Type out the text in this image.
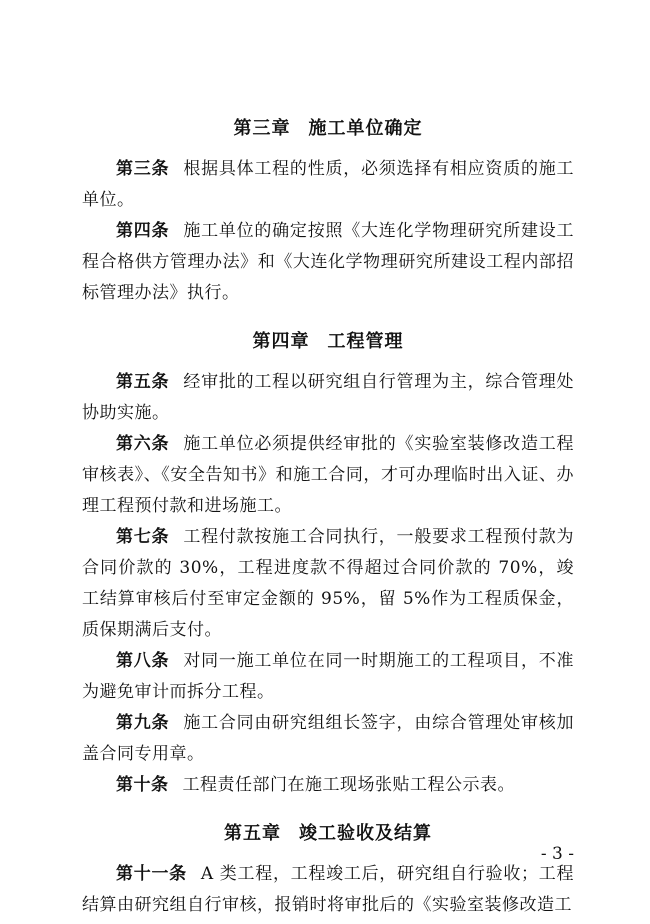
第三章 施工单位确定

第三条 根据具体工程的性质，必须选择有相应资质的施工单位。

第四条 施工单位的确定按照《大连化学物理研究所建设工程合格供方管理办法》和《大连化学物理研究所建设工程内部招标管理办法》执行。

第四章 工程管理

第五条 经审批的工程以研究组自行管理为主，综合管理处协助实施。

第六条 施工单位必须提供经审批的《实验室装修改造工程审核表》、《安全告知书》和施工合同，才可办理临时出入证、办理工程预付款和进场施工。

第七条 工程付款按施工合同执行，一般要求工程预付款为合同价款的 30%，工程进度款不得超过合同价款的 70%，竣工结算审核后付至审定金额的 95%，留 5%作为工程质保金，质保期满后支付。

第八条 对同一施工单位在同一时期施工的工程项目，不准为避免审计而拆分工程。

第九条 施工合同由研究组组长签字，由综合管理处审核加盖合同专用章。

第十条 工程责任部门在施工现场张贴工程公示表。

第五章 竣工验收及结算

第十一条 A 类工程，工程竣工后，研究组自行验收；工程结算由研究组自行审核，报销时将审批后的《实验室装修改造工

- 3 -
